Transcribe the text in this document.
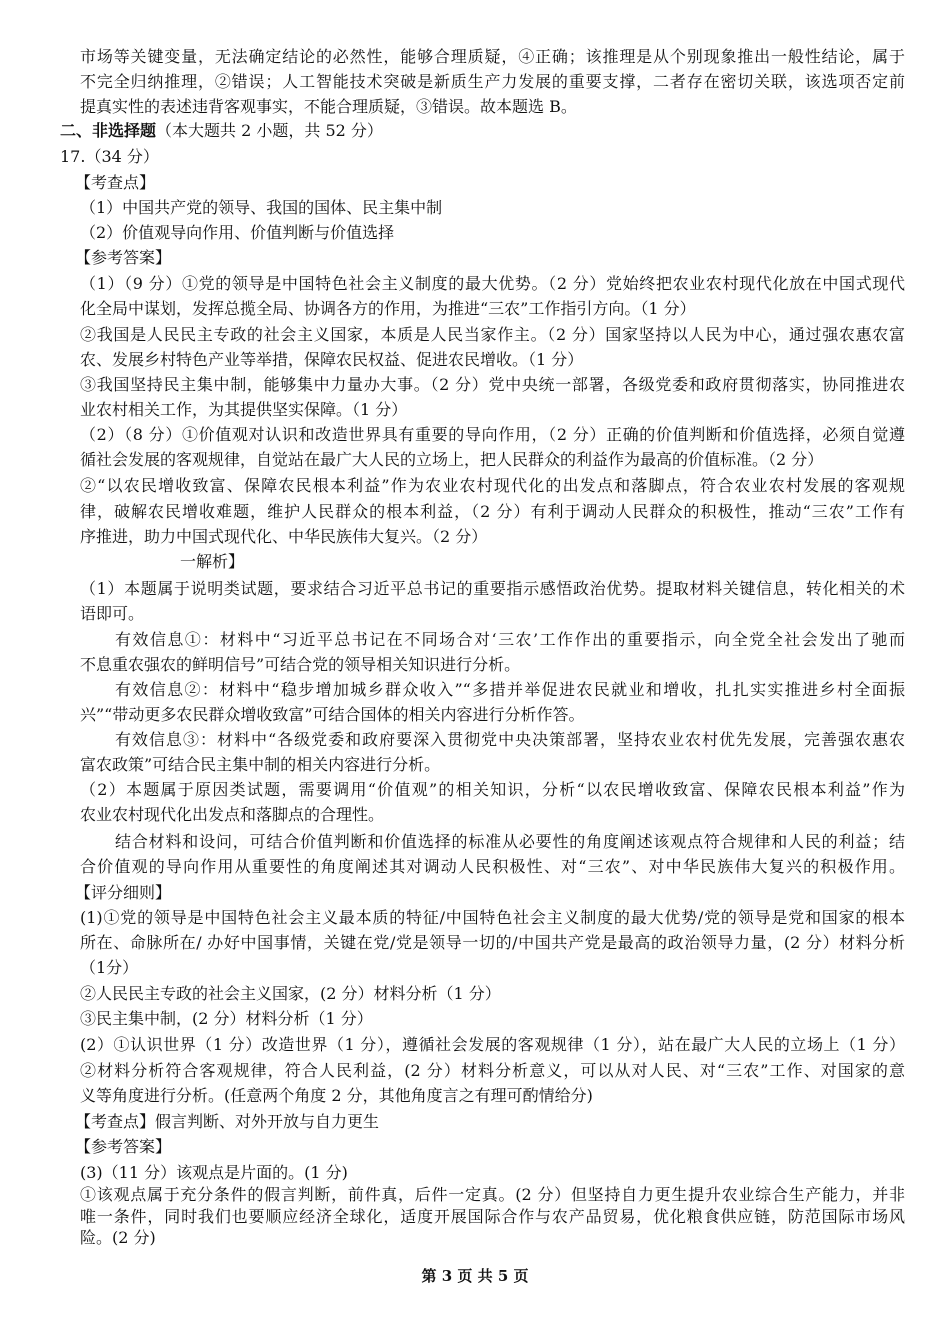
二、非选择题（本大题共 2 小题，共 52 分）
第 3 页 共 5 页
市场等关键变量，无法确定结论的必然性，能够合理质疑，④正确；该推理是从个别现象推出一般性结论，属于
不完全归纳推理，②错误；人工智能技术突破是新质生产力发展的重要支撑，二者存在密切关联，该选项否定前
提真实性的表述违背客观事实，不能合理质疑，③错误。故本题选 B。
17.（34 分）
【考查点】
（1）中国共产党的领导、我国的国体、民主集中制
（2）价值观导向作用、价值判断与价值选择
【参考答案】
（1）（9 分）①党的领导是中国特色社会主义制度的最大优势。（2 分）党始终把农业农村现代化放在中国式现代
化全局中谋划，发挥总揽全局、协调各方的作用，为推进“三农”工作指引方向。（1 分）
②我国是人民民主专政的社会主义国家，本质是人民当家作主。（2 分）国家坚持以人民为中心，通过强农惠农富
农、发展乡村特色产业等举措，保障农民权益、促进农民增收。（1 分）
③我国坚持民主集中制，能够集中力量办大事。（2 分）党中央统一部署，各级党委和政府贯彻落实，协同推进农
业农村相关工作，为其提供坚实保障。（1 分）
（2）（8 分）①价值观对认识和改造世界具有重要的导向作用，（2 分）正确的价值判断和价值选择，必须自觉遵
循社会发展的客观规律，自觉站在最广大人民的立场上，把人民群众的利益作为最高的价值标准。（2 分）
②“以农民增收致富、保障农民根本利益”作为农业农村现代化的出发点和落脚点，符合农业农村发展的客观规
律，破解农民增收难题，维护人民群众的根本利益，（2 分）有利于调动人民群众的积极性，推动“三农”工作有
序推进，助力中国式现代化、中华民族伟大复兴。（2 分）
一解析】
（1）本题属于说明类试题，要求结合习近平总书记的重要指示感悟政治优势。提取材料关键信息，转化相关的术
语即可。
有效信息①：材料中“习近平总书记在不同场合对‘三农’工作作出的重要指示，向全党全社会发出了驰而
不息重农强农的鲜明信号”可结合党的领导相关知识进行分析。
有效信息②：材料中“稳步增加城乡群众收入”“多措并举促进农民就业和增收，扎扎实实推进乡村全面振
兴”“带动更多农民群众增收致富”可结合国体的相关内容进行分析作答。
有效信息③：材料中“各级党委和政府要深入贯彻党中央决策部署，坚持农业农村优先发展，完善强农惠农
富农政策”可结合民主集中制的相关内容进行分析。
（2）本题属于原因类试题，需要调用“价值观”的相关知识，分析“以农民增收致富、保障农民根本利益”作为
农业农村现代化出发点和落脚点的合理性。
结合材料和设问，可结合价值判断和价值选择的标准从必要性的角度阐述该观点符合规律和人民的利益；结
合价值观的导向作用从重要性的角度阐述其对调动人民积极性、对“三农”、对中华民族伟大复兴的积极作用。
【评分细则】
(1)①党的领导是中国特色社会主义最本质的特征/中国特色社会主义制度的最大优势/党的领导是党和国家的根本
所在、命脉所在/ 办好中国事情，关键在党/党是领导一切的/中国共产党是最高的政治领导力量，(2 分）材料分析
（1分）
②人民民主专政的社会主义国家，(2 分）材料分析（1 分）
③民主集中制，(2 分）材料分析（1 分）
(2）①认识世界（1 分）改造世界（1 分），遵循社会发展的客观规律（1 分），站在最广大人民的立场上（1 分）
②材料分析符合客观规律，符合人民利益，(2 分）材料分析意义，可以从对人民、对“三农”工作、对国家的意
义等角度进行分析。(任意两个角度 2 分，其他角度言之有理可酌情给分)
【考查点】假言判断、对外开放与自力更生
【参考答案】
(3)（11 分）该观点是片面的。(1 分)
①该观点属于充分条件的假言判断，前件真，后件一定真。(2 分）但坚持自力更生提升农业综合生产能力，并非
唯一条件，同时我们也要顺应经济全球化，适度开展国际合作与农产品贸易，优化粮食供应链，防范国际市场风
险。(2 分)
